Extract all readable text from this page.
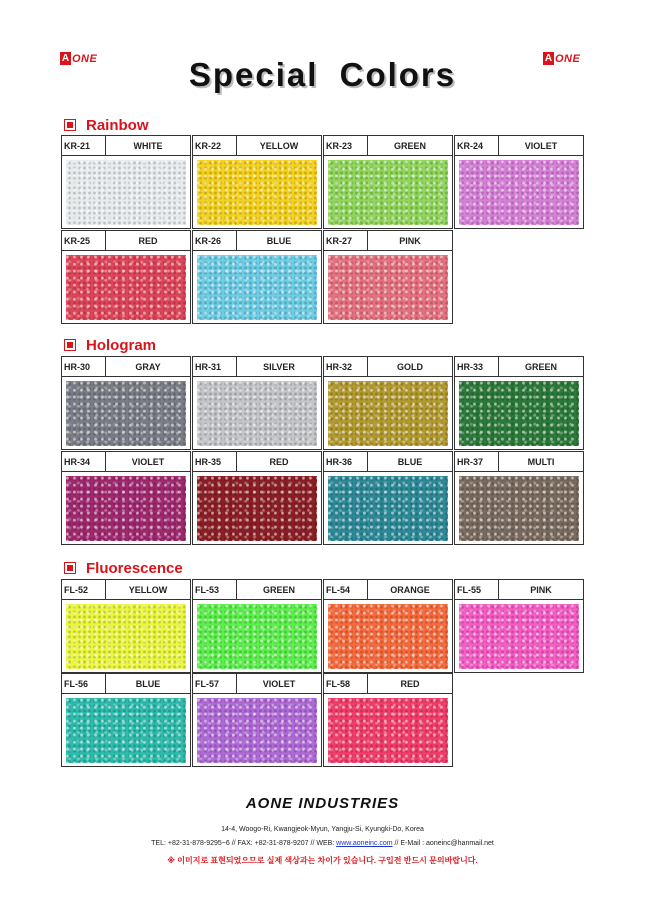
A ONE	A ONE
Special Colors
Rainbow
KR-21	WHITE	KR-22	YELLOW	KR-23	GREEN	KR-24	VIOLET
KR-25	RED	KR-26	BLUE	KR-27	PINK
Hologram
HR-30	GRAY	HR-31	SILVER	HR-32	GOLD	HR-33	GREEN
HR-34	VIOLET	HR-35	RED	HR-36	BLUE	HR-37	MULTI
Fluorescence
FL-52	YELLOW	FL-53	GREEN	FL-54	ORANGE	FL-55	PINK
FL-56	BLUE	FL-57	VIOLET	FL-58	RED
AONE INDUSTRIES
14-4, Woogo-Ri, Kwangjeok-Myun, Yangju-Si, Kyungki-Do, Korea
TEL: +82-31-878-9295~6 // FAX: +82-31-878-9207 // WEB: www.aoneinc.com // E-Mail : aoneinc@hanmail.net
※ 이미지로 표현되었으므로 실제 색상과는 차이가 있습니다. 구입전 반드시 문의바랍니다.
